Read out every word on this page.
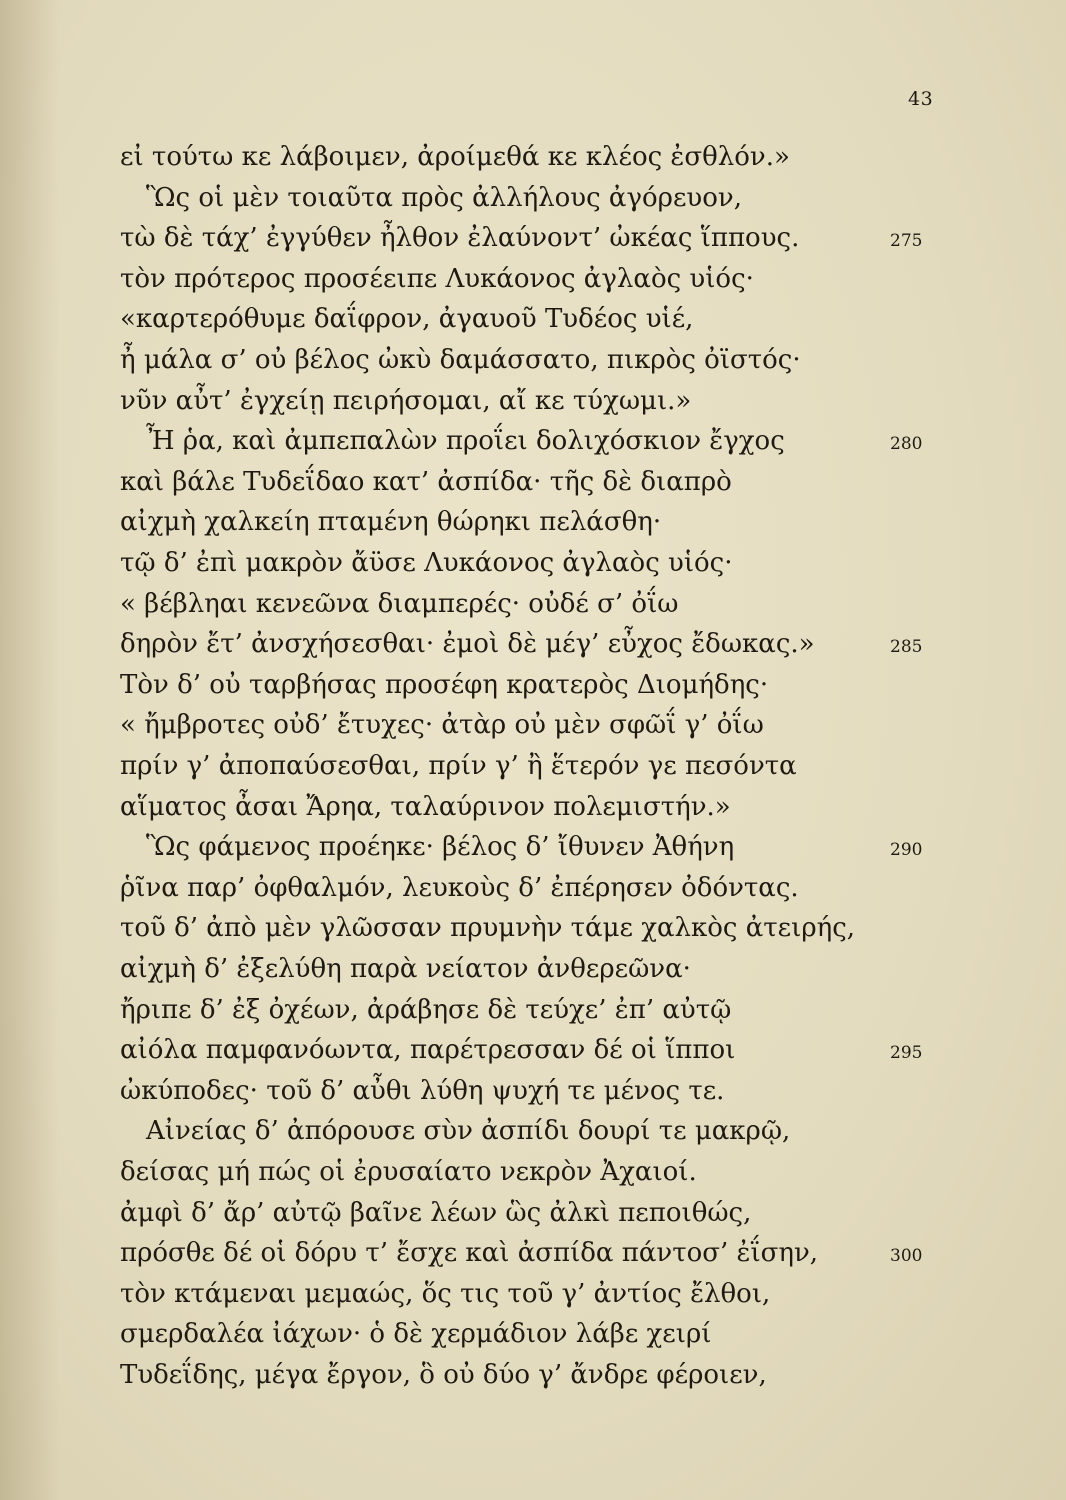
43
εἰ τούτω κε λάβοιμεν, ἀροίμεθά κε κλέος ἐσθλόν.»
Ὣς οἱ μὲν τοιαῦτα πρὸς ἀλλήλους ἀγόρευον,
τὼ δὲ τάχ’ ἐγγύθεν ἦλθον ἐλαύνοντ’ ὠκέας ἵππους.	275
τὸν πρότερος προσέειπε Λυκάονος ἀγλαὸς υἱός·
«καρτερόθυμε δαΐφρον, ἀγαυοῦ Τυδέος υἱέ,
ἦ μάλα σ’ οὐ βέλος ὠκὺ δαμάσσατο, πικρὸς ὀϊστός·
νῦν αὖτ’ ἐγχείῃ πειρήσομαι, αἴ κε τύχωμι.»
Ἦ ῥα, καὶ ἀμπεπαλὼν προΐει δολιχόσκιον ἔγχος	280
καὶ βάλε Τυδεΐδαο κατ’ ἀσπίδα· τῆς δὲ διαπρὸ
αἰχμὴ χαλκείη πταμένη θώρηκι πελάσθη·
τῷ δ’ ἐπὶ μακρὸν ἄϋσε Λυκάονος ἀγλαὸς υἱός·
« βέβληαι κενεῶνα διαμπερές· οὐδέ σ’ ὀΐω
δηρὸν ἔτ’ ἀνσχήσεσθαι· ἐμοὶ δὲ μέγ’ εὖχος ἔδωκας.»	285
Τὸν δ’ οὐ ταρβήσας προσέφη κρατερὸς Διομήδης·
« ἤμβροτες οὐδ’ ἔτυχες· ἀτὰρ οὐ μὲν σφῶΐ γ’ ὀΐω
πρίν γ’ ἀποπαύσεσθαι, πρίν γ’ ἢ ἕτερόν γε πεσόντα
αἵματος ἆσαι Ἄρηα, ταλαύρινον πολεμιστήν.»
Ὣς φάμενος προέηκε· βέλος δ’ ἴθυνεν Ἀθήνη	290
ῥῖνα παρ’ ὀφθαλμόν, λευκοὺς δ’ ἐπέρησεν ὀδόντας.
τοῦ δ’ ἀπὸ μὲν γλῶσσαν πρυμνὴν τάμε χαλκὸς ἀτειρής,
αἰχμὴ δ’ ἐξελύθη παρὰ νείατον ἀνθερεῶνα·
ἤριπε δ’ ἐξ ὀχέων, ἀράβησε δὲ τεύχε’ ἐπ’ αὐτῷ
αἰόλα παμφανόωντα, παρέτρεσσαν δέ οἱ ἵπποι	295
ὠκύποδες· τοῦ δ’ αὖθι λύθη ψυχή τε μένος τε.
Αἰνείας δ’ ἀπόρουσε σὺν ἀσπίδι δουρί τε μακρῷ,
δείσας μή πώς οἱ ἐρυσαίατο νεκρὸν Ἀχαιοί.
ἀμφὶ δ’ ἄρ’ αὐτῷ βαῖνε λέων ὣς ἀλκὶ πεποιθώς,
πρόσθε δέ οἱ δόρυ τ’ ἔσχε καὶ ἀσπίδα πάντοσ’ ἐΐσην,	300
τὸν κτάμεναι μεμαώς, ὅς τις τοῦ γ’ ἀντίος ἔλθοι,
σμερδαλέα ἰάχων· ὁ δὲ χερμάδιον λάβε χειρί
Τυδεΐδης, μέγα ἔργον, ὃ οὐ δύο γ’ ἄνδρε φέροιεν,
